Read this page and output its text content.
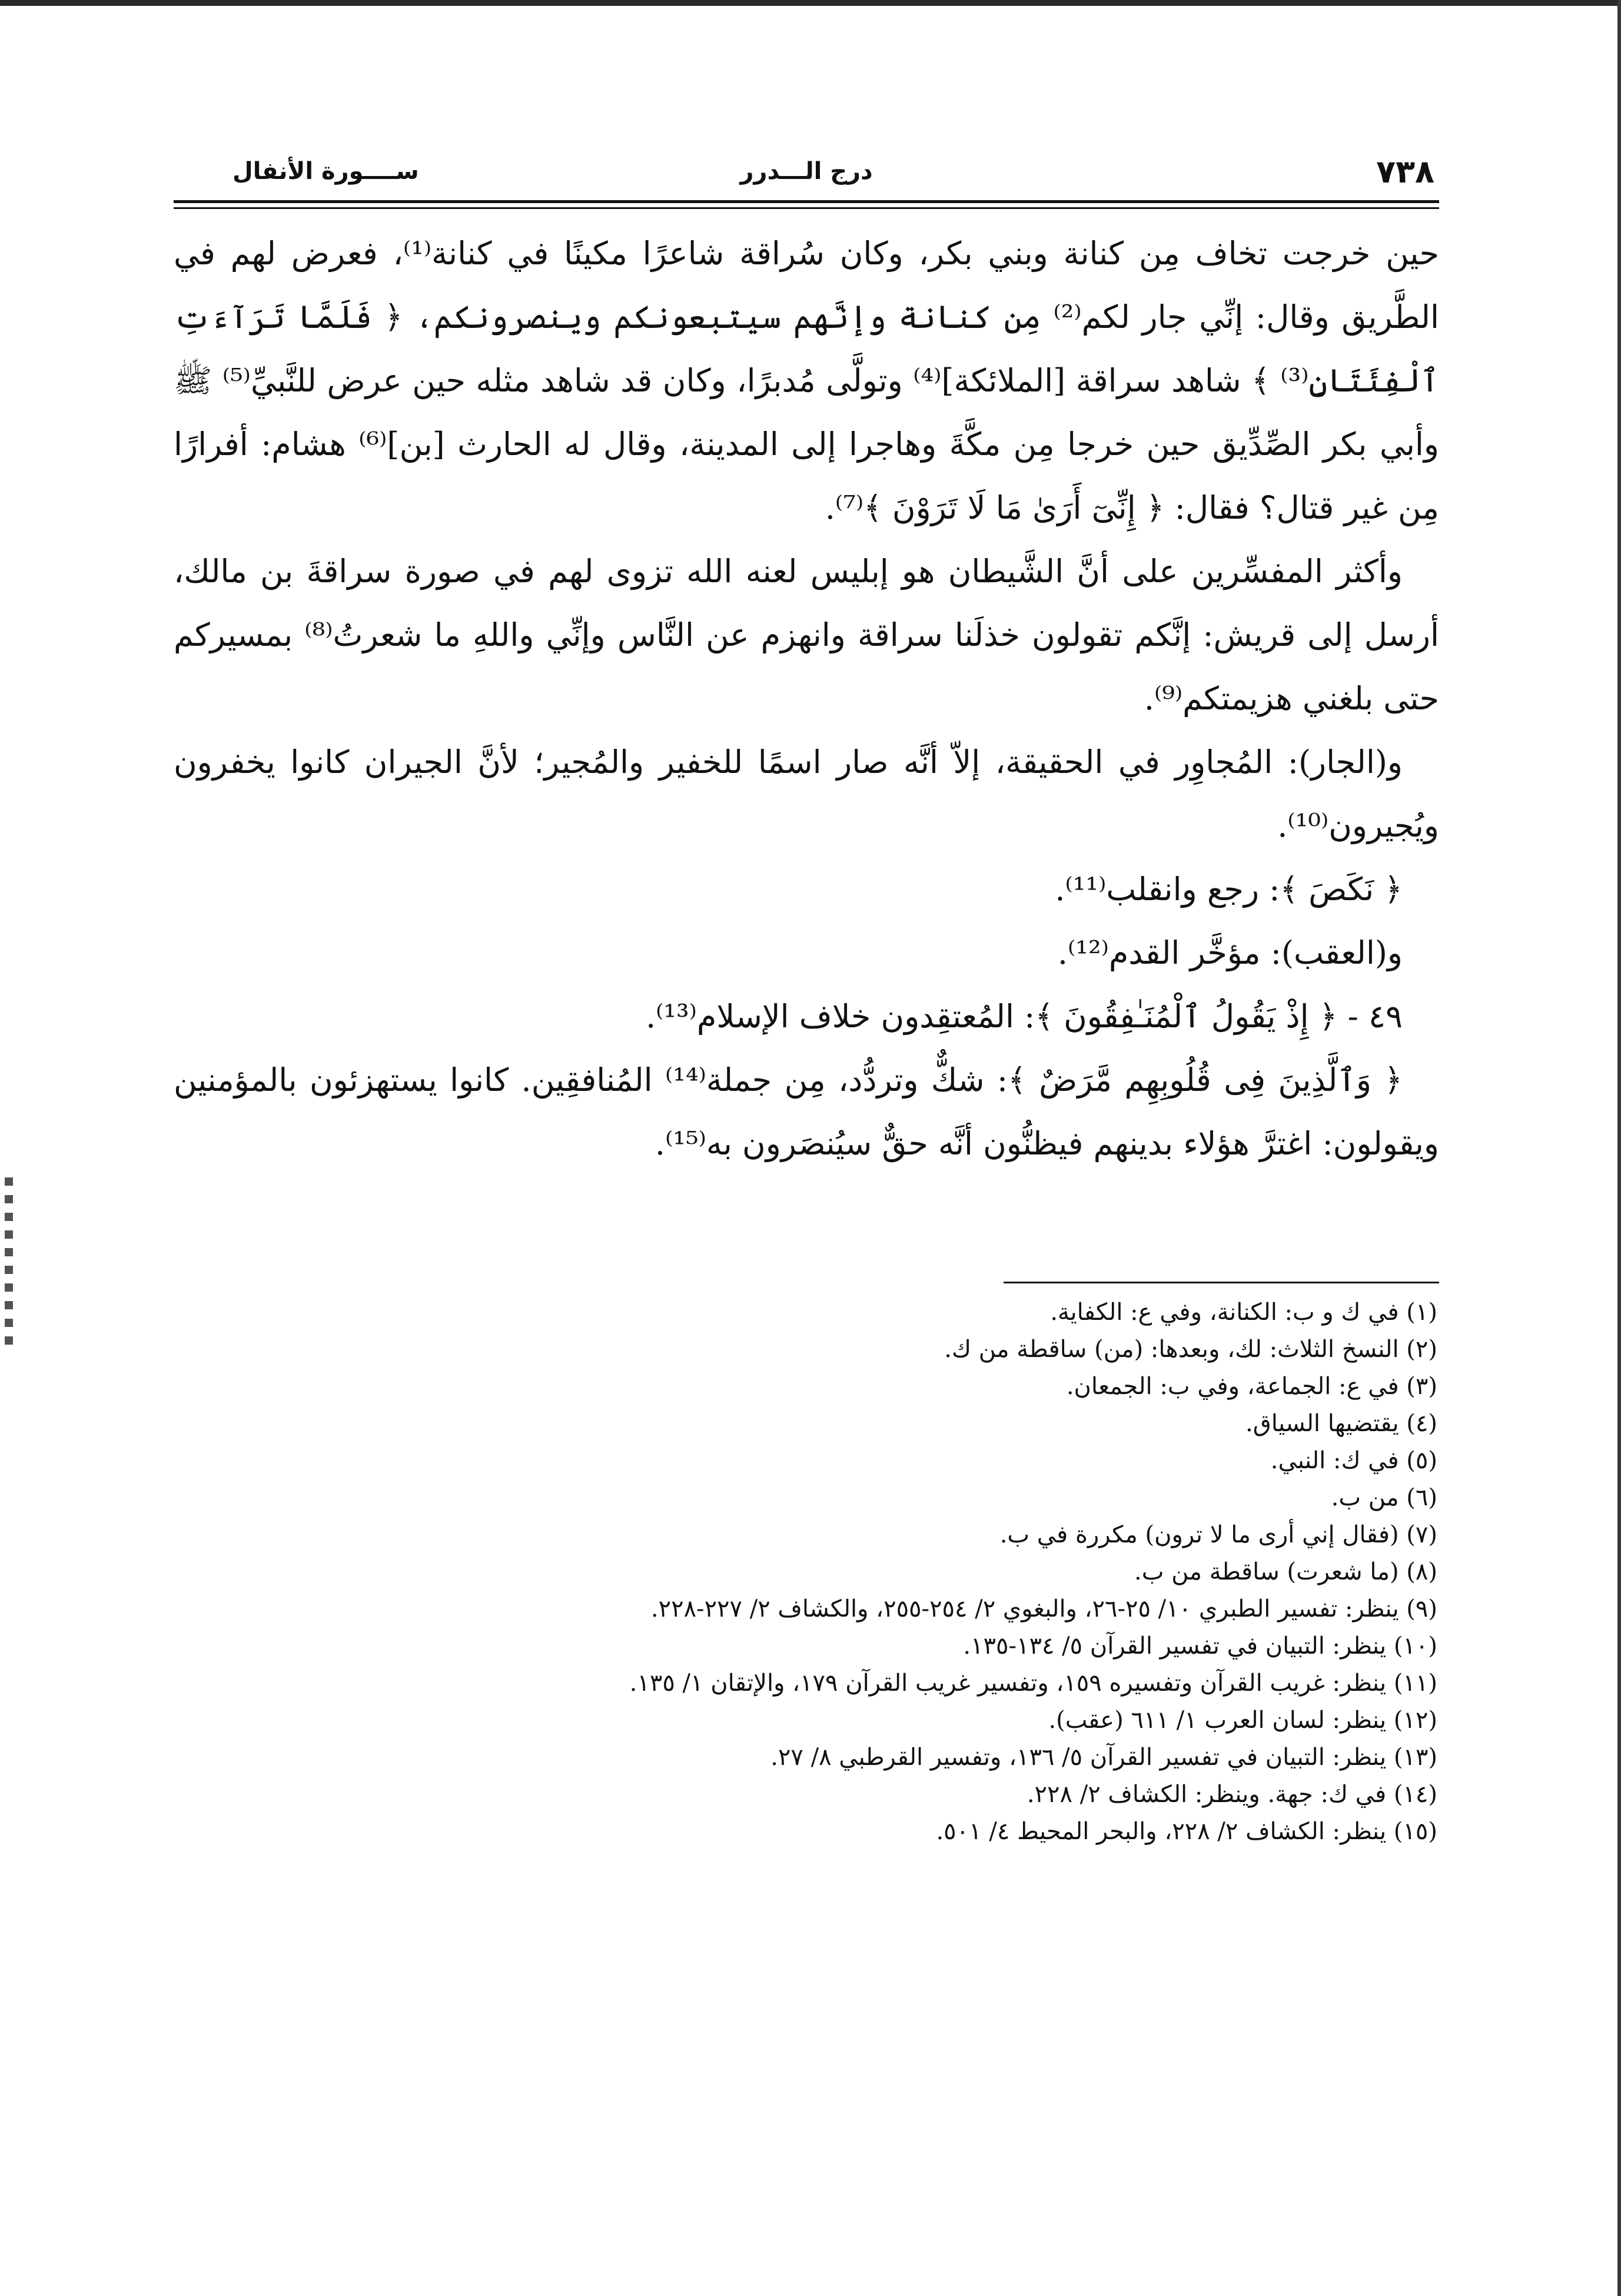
٧٣٨
درج الـــدرر
ســــورة الأنفال

حين خرجت تخاف مِن كنانة وبني بكر، وكان سُراقة شاعرًا مكينًا في كنانة⁽¹⁾، فعرض لهم في الطَّريق وقال: إنِّي جار لكم⁽²⁾ مِن كنانة وإنَّهم سيتبعونكم وينصرونكم، ﴿ فَلَمَّا تَرَآءَتِ ٱلْفِئَتَانِ⁽³⁾ ﴾ شاهد سراقة [الملائكة]⁽⁴⁾ وتولَّى مُدبرًا، وكان قد شاهد مثله حين عرض للنَّبيِّ⁽⁵⁾ ﷺ وأبي بكر الصِّدِّيق حين خرجا مِن مكَّةَ وهاجرا إلى المدينة، وقال له الحارث [بن]⁽⁶⁾ هشام: أفرارًا مِن غير قتال؟ فقال: ﴿ إِنِّىٓ أَرَىٰ مَا لَا تَرَوْنَ ﴾⁽⁷⁾.

وأكثر المفسِّرين على أنَّ الشَّيطان هو إبليس لعنه الله تزوى لهم في صورة سراقةَ بن مالك، أرسل إلى قريش: إنَّكم تقولون خذلَنا سراقة وانهزم عن النَّاس وإنِّي واللهِ ما شعرتُ⁽⁸⁾ بمسيركم حتى بلغني هزيمتكم⁽⁹⁾.

و(الجار): المُجاوِر في الحقيقة، إلاّ أنَّه صار اسمًا للخفير والمُجير؛ لأنَّ الجيران كانوا يخفرون ويُجيرون⁽¹⁰⁾.

﴿ نَكَصَ ﴾: رجع وانقلب⁽¹¹⁾.

و(العقب): مؤخَّر القدم⁽¹²⁾.

٤٩ - ﴿ إِذْ يَقُولُ ٱلْمُنَـٰفِقُونَ ﴾: المُعتقِدون خلاف الإسلام⁽¹³⁾.

﴿ وَٱلَّذِينَ فِى قُلُوبِهِم مَّرَضٌ ﴾: شكٌّ وتردُّد، مِن جملة⁽¹⁴⁾ المُنافقِين. كانوا يستهزئون بالمؤمنين ويقولون: اغترَّ هؤلاء بدينهم فيظنُّون أنَّه حقٌّ سيُنصَرون به⁽¹⁵⁾.

(١) في ك و ب: الكنانة، وفي ع: الكفاية.

(٢) النسخ الثلاث: لك، وبعدها: (من) ساقطة من ك.

(٣) في ع: الجماعة، وفي ب: الجمعان.

(٤) يقتضيها السياق.

(٥) في ك: النبي.

(٦) من ب.

(٧) (فقال إني أرى ما لا ترون) مكررة في ب.

(٨) (ما شعرت) ساقطة من ب.

(٩) ينظر: تفسير الطبري ١٠/ ٢٥-٢٦، والبغوي ٢/ ٢٥٤-٢٥٥، والكشاف ٢/ ٢٢٧-٢٢٨.

(١٠) ينظر: التبيان في تفسير القرآن ٥/ ١٣٤-١٣٥.

(١١) ينظر: غريب القرآن وتفسيره ١٥٩، وتفسير غريب القرآن ١٧٩، والإتقان ١/ ١٣٥.

(١٢) ينظر: لسان العرب ١/ ٦١١ (عقب).

(١٣) ينظر: التبيان في تفسير القرآن ٥/ ١٣٦، وتفسير القرطبي ٨/ ٢٧.

(١٤) في ك: جهة. وينظر: الكشاف ٢/ ٢٢٨.

(١٥) ينظر: الكشاف ٢/ ٢٢٨، والبحر المحيط ٤/ ٥٠١.
